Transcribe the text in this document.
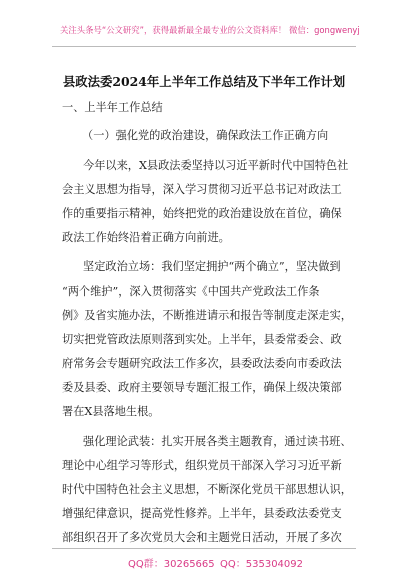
关注头条号“公文研究”，获得最新最全最专业的公文资料库！ 微信：gongwenyj
县政法委2024年上半年工作总结及下半年工作计划
一、上半年工作总结
（一）强化党的政治建设，确保政法工作正确方向
今年以来，X县政法委坚持以习近平新时代中国特色社
会主义思想为指导，深入学习贯彻习近平总书记对政法工
作的重要指示精神，始终把党的政治建设放在首位，确保
政法工作始终沿着正确方向前进。
坚定政治立场：我们坚定拥护“两个确立”，坚决做到
“两个维护”，深入贯彻落实《中国共产党政法工作条
例》及省实施办法，不断推进请示和报告等制度走深走实，
切实把党管政法原则落到实处。上半年，县委常委会、政
府常务会专题研究政法工作多次，县委政法委向市委政法
委及县委、政府主要领导专题汇报工作，确保上级决策部
署在X县落地生根。
强化理论武装：扎实开展各类主题教育，通过读书班、
理论中心组学习等形式，组织党员干部深入学习习近平新
时代中国特色社会主义思想，不断深化党员干部思想认识，
增强纪律意识，提高党性修养。上半年，县委政法委党支
部组织召开了多次党员大会和主题党日活动，开展了多次
QQ群：30265665 QQ：535304092
